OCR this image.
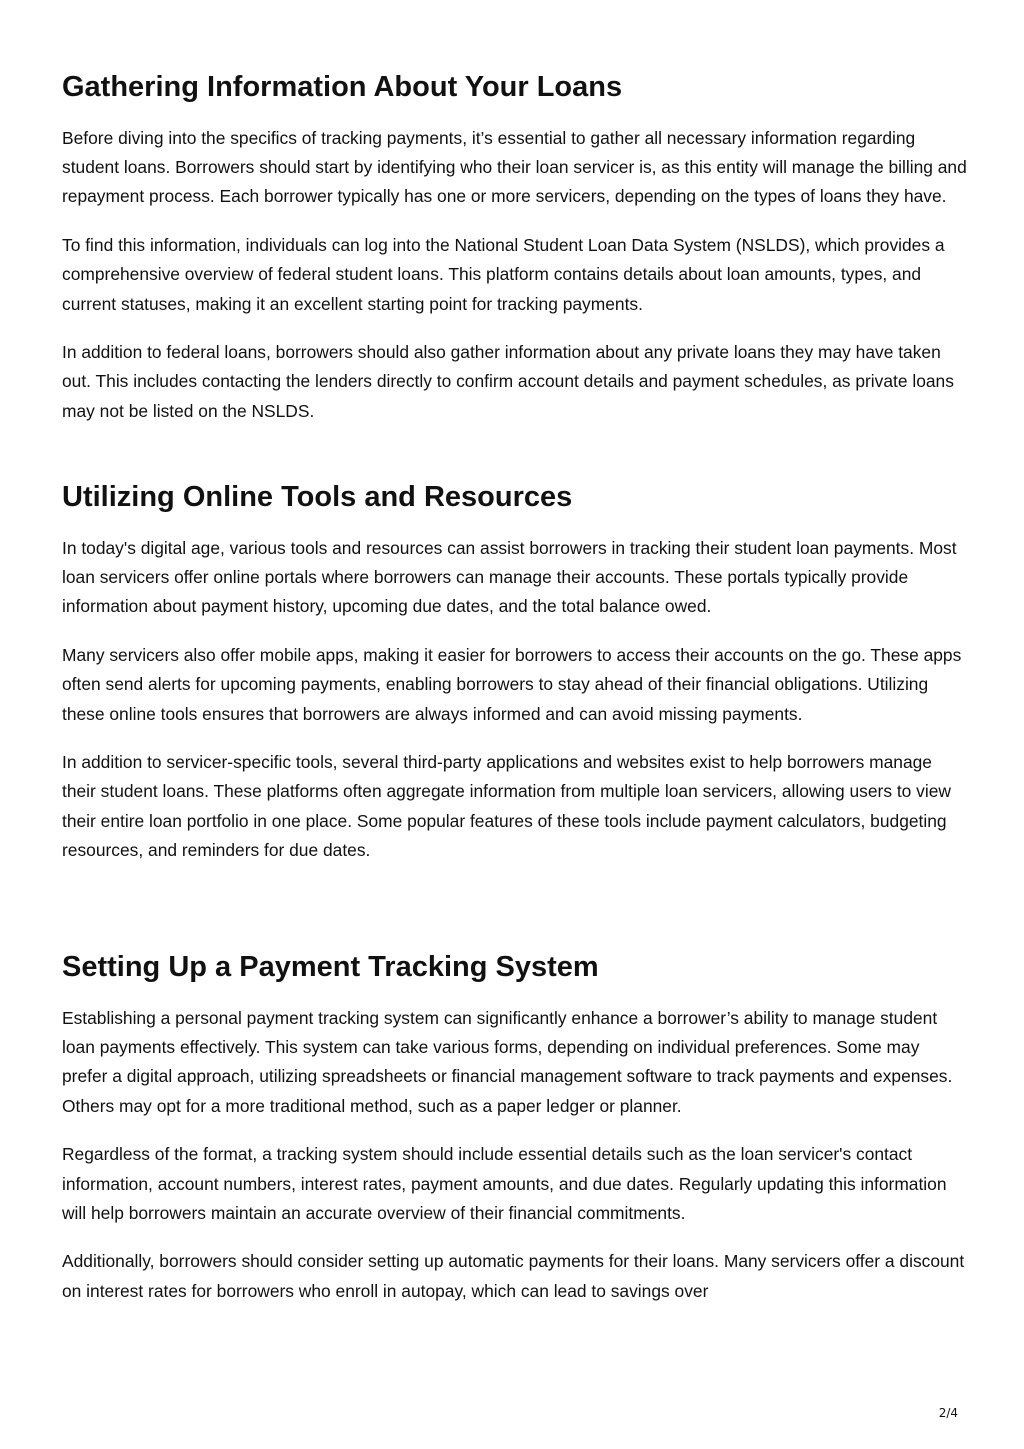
Gathering Information About Your Loans

Before diving into the specifics of tracking payments, it’s essential to gather all necessary information regarding student loans. Borrowers should start by identifying who their loan servicer is, as this entity will manage the billing and repayment process. Each borrower typically has one or more servicers, depending on the types of loans they have.

To find this information, individuals can log into the National Student Loan Data System (NSLDS), which provides a comprehensive overview of federal student loans. This platform contains details about loan amounts, types, and current statuses, making it an excellent starting point for tracking payments.

In addition to federal loans, borrowers should also gather information about any private loans they may have taken out. This includes contacting the lenders directly to confirm account details and payment schedules, as private loans may not be listed on the NSLDS.

Utilizing Online Tools and Resources

In today's digital age, various tools and resources can assist borrowers in tracking their student loan payments. Most loan servicers offer online portals where borrowers can manage their accounts. These portals typically provide information about payment history, upcoming due dates, and the total balance owed.

Many servicers also offer mobile apps, making it easier for borrowers to access their accounts on the go. These apps often send alerts for upcoming payments, enabling borrowers to stay ahead of their financial obligations. Utilizing these online tools ensures that borrowers are always informed and can avoid missing payments.

In addition to servicer-specific tools, several third-party applications and websites exist to help borrowers manage their student loans. These platforms often aggregate information from multiple loan servicers, allowing users to view their entire loan portfolio in one place. Some popular features of these tools include payment calculators, budgeting resources, and reminders for due dates.

Setting Up a Payment Tracking System

Establishing a personal payment tracking system can significantly enhance a borrower’s ability to manage student loan payments effectively. This system can take various forms, depending on individual preferences. Some may prefer a digital approach, utilizing spreadsheets or financial management software to track payments and expenses. Others may opt for a more traditional method, such as a paper ledger or planner.

Regardless of the format, a tracking system should include essential details such as the loan servicer's contact information, account numbers, interest rates, payment amounts, and due dates. Regularly updating this information will help borrowers maintain an accurate overview of their financial commitments.

Additionally, borrowers should consider setting up automatic payments for their loans. Many servicers offer a discount on interest rates for borrowers who enroll in autopay, which can lead to savings over

2/4
